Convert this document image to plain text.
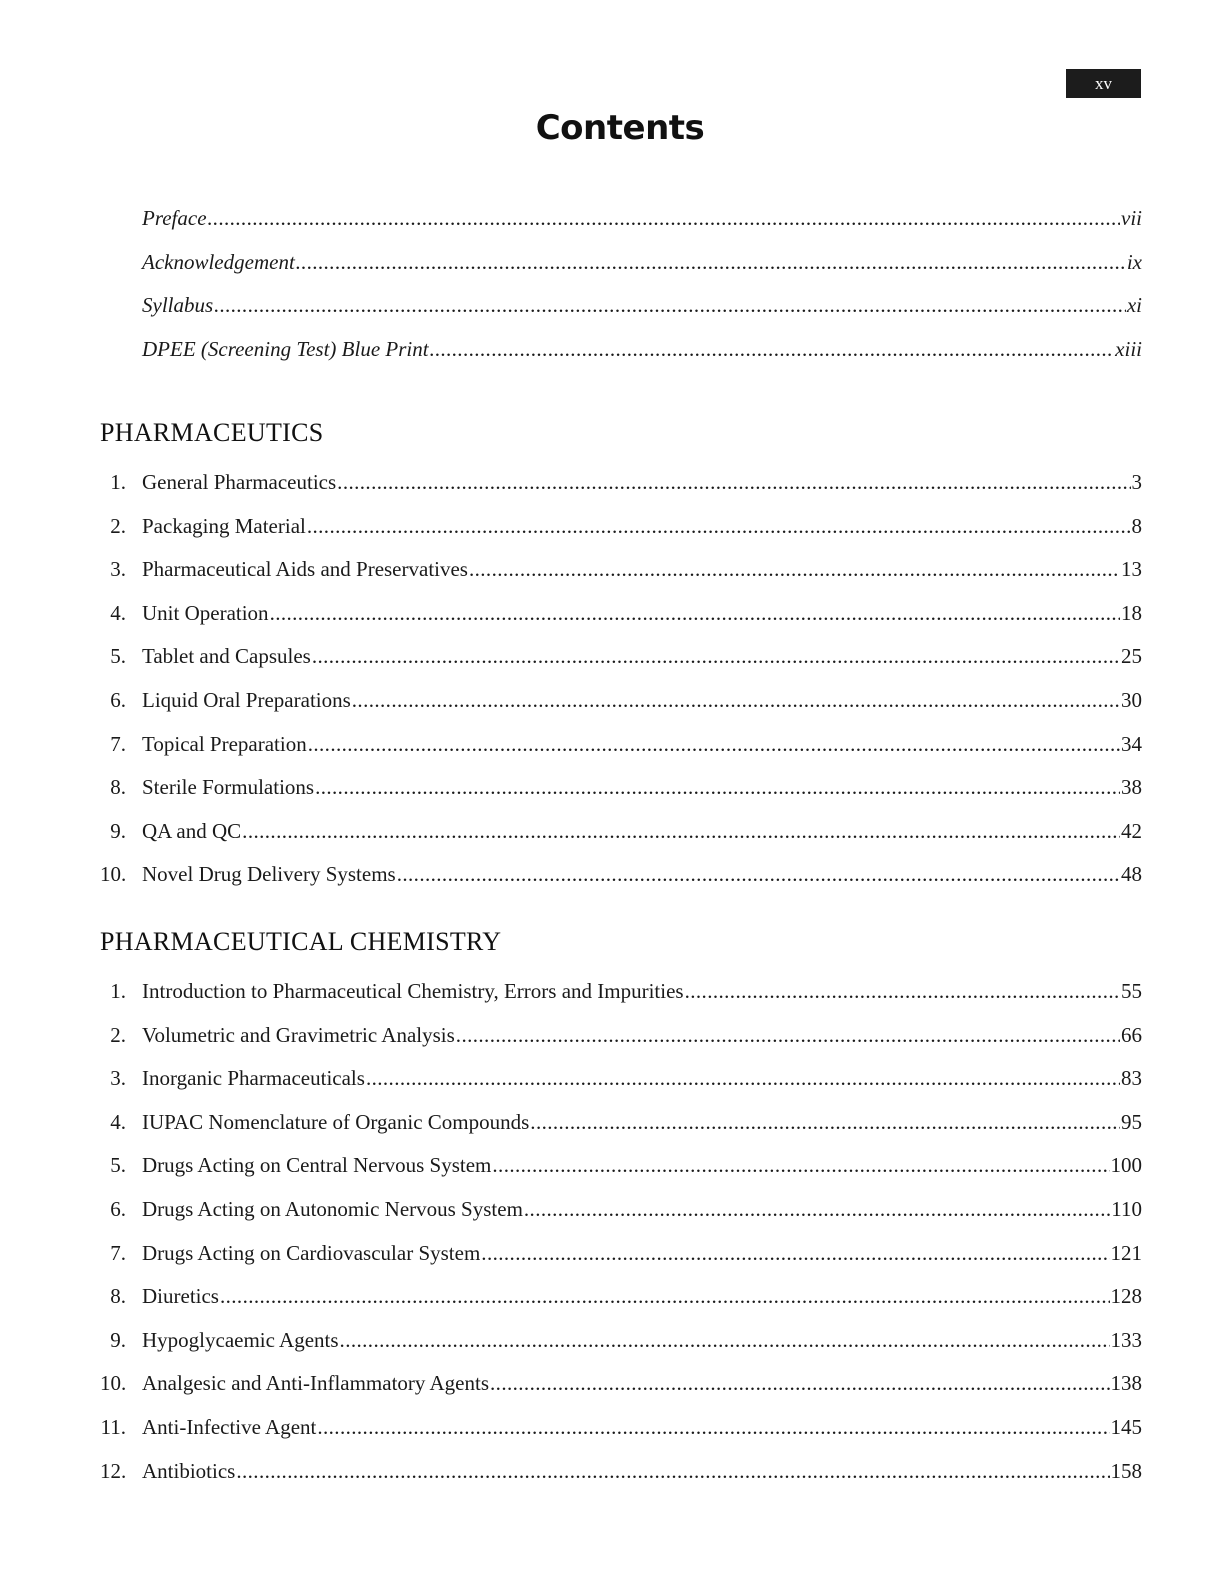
xv
Contents
Preface .....	vii
Acknowledgement .....	ix
Syllabus .....	xi
DPEE (Screening Test) Blue Print .....	xiii
PHARMACEUTICS
1. General Pharmaceutics .....	3
2. Packaging Material .....	8
3. Pharmaceutical Aids and Preservatives .....	13
4. Unit Operation .....	18
5. Tablet and Capsules .....	25
6. Liquid Oral Preparations .....	30
7. Topical Preparation .....	34
8. Sterile Formulations .....	38
9. QA and QC .....	42
10. Novel Drug Delivery Systems .....	48
PHARMACEUTICAL CHEMISTRY
1. Introduction to Pharmaceutical Chemistry, Errors and Impurities .....	55
2. Volumetric and Gravimetric Analysis .....	66
3. Inorganic Pharmaceuticals .....	83
4. IUPAC Nomenclature of Organic Compounds .....	95
5. Drugs Acting on Central Nervous System .....	100
6. Drugs Acting on Autonomic Nervous System .....	110
7. Drugs Acting on Cardiovascular System .....	121
8. Diuretics .....	128
9. Hypoglycaemic Agents .....	133
10. Analgesic and Anti-Inflammatory Agents .....	138
11. Anti-Infective Agent .....	145
12. Antibiotics .....	158
